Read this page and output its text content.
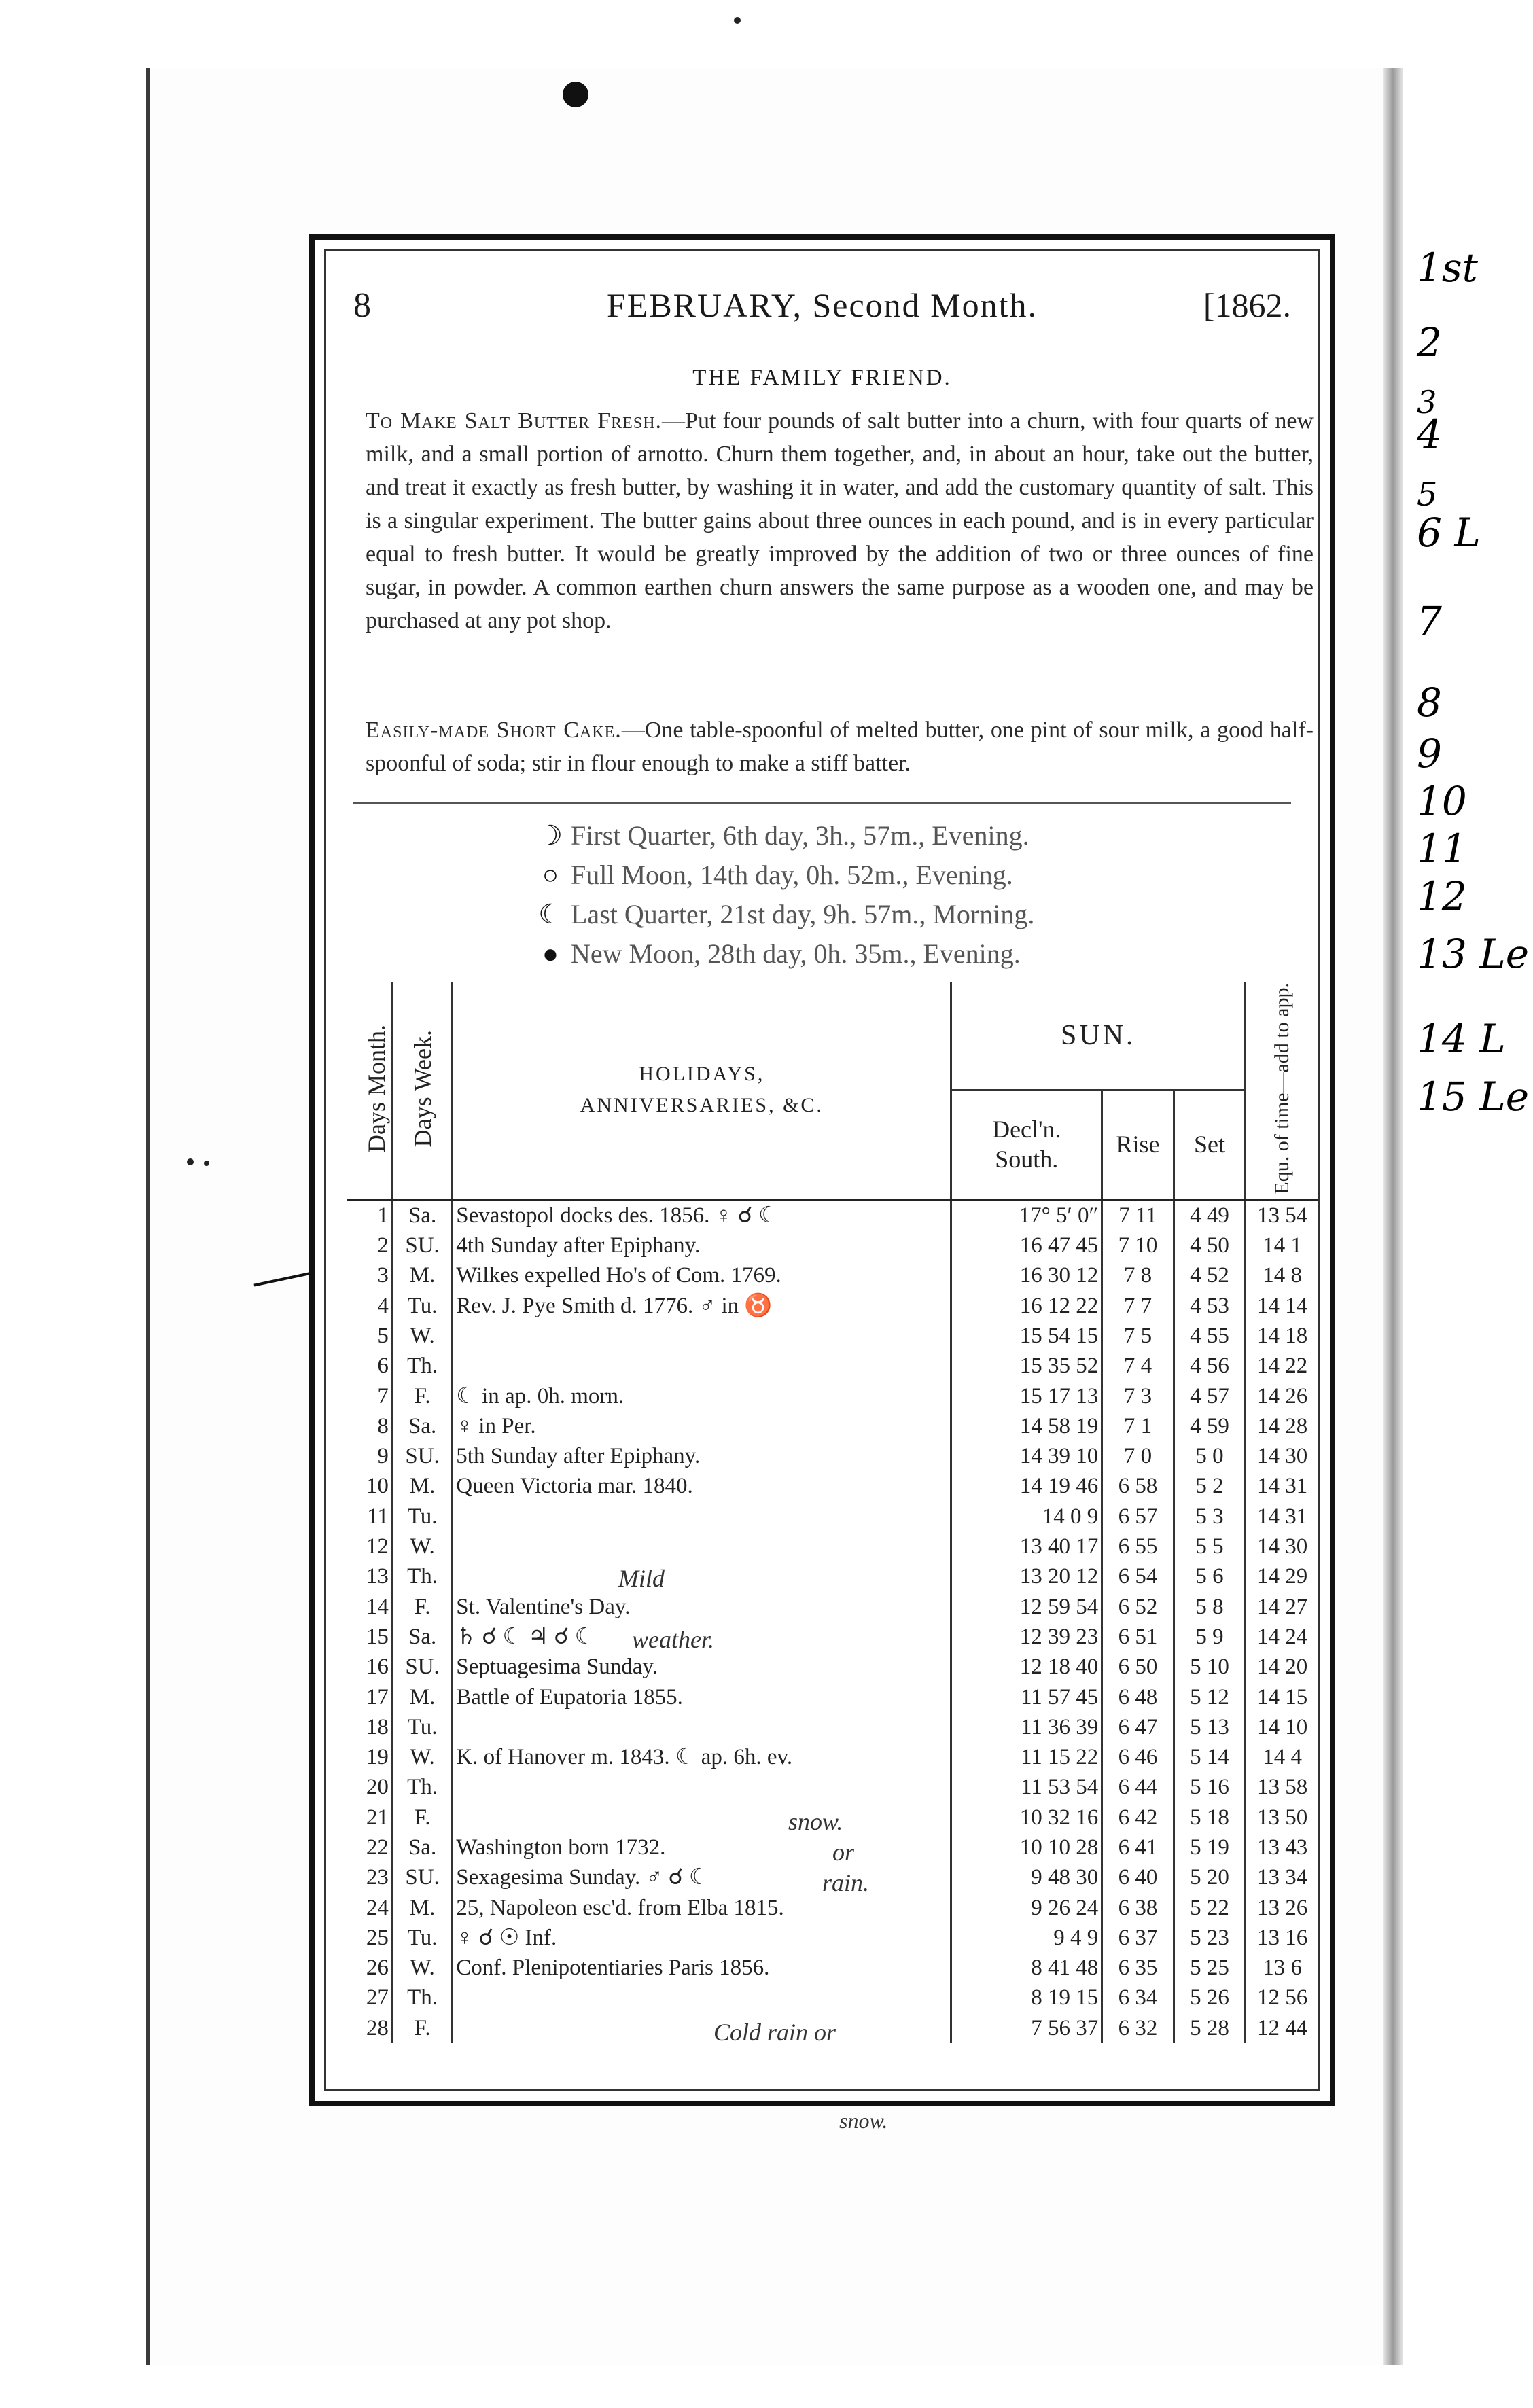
8	FEBRUARY, Second Month.	[1862.
THE FAMILY FRIEND.
To Make Salt Butter Fresh.—Put four pounds of salt butter into a churn, with four quarts of new milk, and a small portion of arnotto. Churn them together, and, in about an hour, take out the butter, and treat it exactly as fresh butter, by washing it in water, and add the customary quantity of salt. This is a singular experiment. The butter gains about three ounces in each pound, and is in every particular equal to fresh butter. It would be greatly improved by the addition of two or three ounces of fine sugar, in powder. A common earthen churn answers the same purpose as a wooden one, and may be purchased at any pot shop.
Easily-made Short Cake.—One table-spoonful of melted butter, one pint of sour milk, a good half-spoonful of soda; stir in flour enough to make a stiff batter.
☽ First Quarter, 6th day, 3h., 57m., Evening.
○ Full Moon, 14th day, 0h. 52m., Evening.
☾ Last Quarter, 21st day, 9h. 57m., Morning.
● New Moon, 28th day, 0h. 35m., Evening.
Days Month.	Days Week.	HOLIDAYS,
ANNIVERSARIES, &C.	SUN.			Equ. of time—add to app.

			Decl'n.
South.	Rise	Set	
1	Sa.	Sevastopol docks des. 1856. ♀ ☌ ☾	17° 5′ 0″	7 11	4 49	13 54
2	SU.	4th Sunday after Epiphany.	16 47 45	7 10	4 50	14 1
3	M.	Wilkes expelled Ho's of Com. 1769.	16 30 12	7 8	4 52	14 8
4	Tu.	Rev. J. Pye Smith d. 1776. ♂ in ♉	16 12 22	7 7	4 53	14 14
5	W.		15 54 15	7 5	4 55	14 18
6	Th.		15 35 52	7 4	4 56	14 22
7	F.	☾ in ap. 0h. morn.	15 17 13	7 3	4 57	14 26
8	Sa.	♀ in Per.	14 58 19	7 1	4 59	14 28
9	SU.	5th Sunday after Epiphany.	14 39 10	7 0	5 0	14 30
10	M.	Queen Victoria mar. 1840.	14 19 46	6 58	5 2	14 31
11	Tu.		14 0 9	6 57	5 3	14 31
12	W.		13 40 17	6 55	5 5	14 30
13	Th.		13 20 12	6 54	5 6	14 29
14	F.	St. Valentine's Day.	12 59 54	6 52	5 8	14 27
15	Sa.	♄ ☌ ☾ ♃ ☌ ☾	12 39 23	6 51	5 9	14 24
16	SU.	Septuagesima Sunday.	12 18 40	6 50	5 10	14 20
17	M.	Battle of Eupatoria 1855.	11 57 45	6 48	5 12	14 15
18	Tu.		11 36 39	6 47	5 13	14 10
19	W.	K. of Hanover m. 1843. ☾ ap. 6h. ev.	11 15 22	6 46	5 14	14 4
20	Th.		11 53 54	6 44	5 16	13 58
21	F.		10 32 16	6 42	5 18	13 50
22	Sa.	Washington born 1732.	10 10 28	6 41	5 19	13 43
23	SU.	Sexagesima Sunday. ♂ ☌ ☾	9 48 30	6 40	5 20	13 34
24	M.	25, Napoleon esc'd. from Elba 1815.	9 26 24	6 38	5 22	13 26
25	Tu.	♀ ☌ ☉ Inf.	9 4 9	6 37	5 23	13 16
26	W.	Conf. Plenipotentiaries Paris 1856.	8 41 48	6 35	5 25	13 6
27	Th.		8 19 15	6 34	5 26	12 56
28	F.		7 56 37	6 32	5 28	12 44
Mild
weather.
snow.
or
rain.
Cold rain or
snow.
1st
2
3
4
5
6 L
7
8
9
10
11
12
13 Le
14 L
15 Le
